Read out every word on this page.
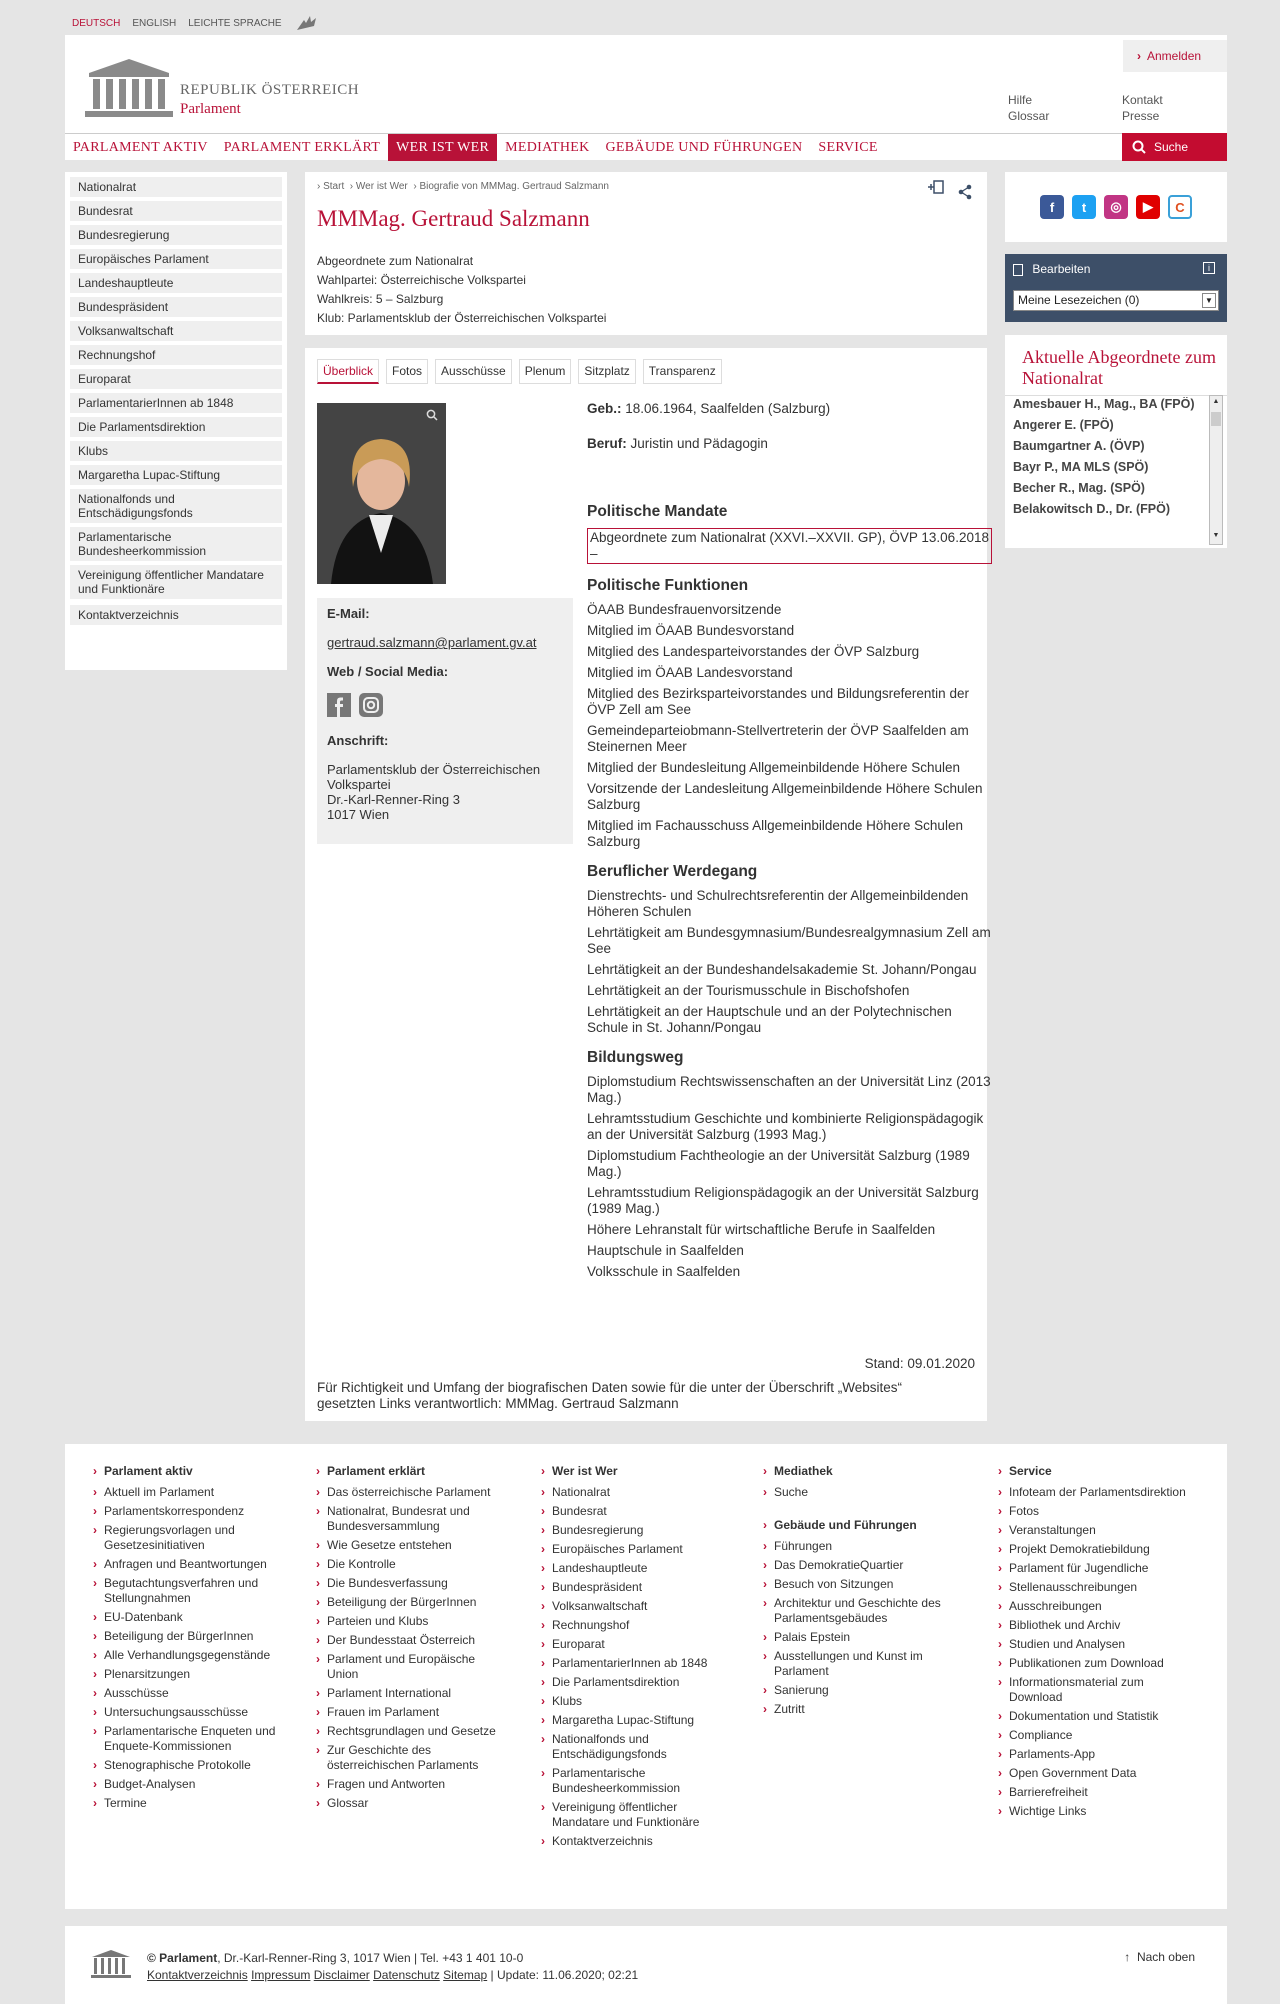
DEUTSCH ENGLISH LEICHTE SPRACHE
REPUBLIK ÖSTERREICH
Parlament
› Anmelden
Hilfe
Glossar
Kontakt
Presse
PARLAMENT AKTIV	PARLAMENT ERKLÄRT	WER IST WER	MEDIATHEK	GEBÄUDE UND FÜHRUNGEN	SERVICE	Suche
Nationalrat
Bundesrat
Bundesregierung
Europäisches Parlament
Landeshauptleute
Bundespräsident
Volksanwaltschaft
Rechnungshof
Europarat
ParlamentarierInnen ab 1848
Die Parlamentsdirektion
Klubs
Margaretha Lupac-Stiftung
Nationalfonds und Entschädigungsfonds
Parlamentarische Bundesheerkommission
Vereinigung öffentlicher Mandatare und Funktionäre
Kontaktverzeichnis
› Start  › Wer ist Wer  › Biografie von MMMag. Gertraud Salzmann
MMMag. Gertraud Salzmann
Abgeordnete zum Nationalrat
Wahlpartei: Österreichische Volkspartei
Wahlkreis: 5 – Salzburg
Klub: Parlamentsklub der Österreichischen Volkspartei
Überblick	Fotos	Ausschüsse	Plenum	Sitzplatz	Transparenz
E-Mail:
gertraud.salzmann@parlament.gv.at
Web / Social Media:
Anschrift:
Parlamentsklub der Österreichischen Volkspartei
Dr.-Karl-Renner-Ring 3
1017 Wien
Geb.: 18.06.1964, Saalfelden (Salzburg)
Beruf: Juristin und Pädagogin
Politische Mandate
Abgeordnete zum Nationalrat (XXVI.–XXVII. GP), ÖVP 13.06.2018 –
Politische Funktionen
ÖAAB Bundesfrauenvorsitzende
Mitglied im ÖAAB Bundesvorstand
Mitglied des Landesparteivorstandes der ÖVP Salzburg
Mitglied im ÖAAB Landesvorstand
Mitglied des Bezirksparteivorstandes und Bildungsreferentin der ÖVP Zell am See
Gemeindeparteiobmann-Stellvertreterin der ÖVP Saalfelden am Steinernen Meer
Mitglied der Bundesleitung Allgemeinbildende Höhere Schulen
Vorsitzende der Landesleitung Allgemeinbildende Höhere Schulen Salzburg
Mitglied im Fachausschuss Allgemeinbildende Höhere Schulen Salzburg
Beruflicher Werdegang
Dienstrechts- und Schulrechtsreferentin der Allgemeinbildenden Höheren Schulen
Lehrtätigkeit am Bundesgymnasium/Bundesrealgymnasium Zell am See
Lehrtätigkeit an der Bundeshandelsakademie St. Johann/Pongau
Lehrtätigkeit an der Tourismusschule in Bischofshofen
Lehrtätigkeit an der Hauptschule und an der Polytechnischen Schule in St. Johann/Pongau
Bildungsweg
Diplomstudium Rechtswissenschaften an der Universität Linz (2013 Mag.)
Lehramtsstudium Geschichte und kombinierte Religionspädagogik an der Universität Salzburg (1993 Mag.)
Diplomstudium Fachtheologie an der Universität Salzburg (1989 Mag.)
Lehramtsstudium Religionspädagogik an der Universität Salzburg (1989 Mag.)
Höhere Lehranstalt für wirtschaftliche Berufe in Saalfelden
Hauptschule in Saalfelden
Volksschule in Saalfelden
Stand: 09.01.2020
Für Richtigkeit und Umfang der biografischen Daten sowie für die unter der Überschrift „Websites“ gesetzten Links verantwortlich: MMMag. Gertraud Salzmann
f	t	◎	▶	C
Bearbeiten	i
Meine Lesezeichen (0)	▼
Aktuelle Abgeordnete zum Nationalrat
Amesbauer H., Mag., BA (FPÖ)
Angerer E. (FPÖ)
Baumgartner A. (ÖVP)
Bayr P., MA MLS (SPÖ)
Becher R., Mag. (SPÖ)
Belakowitsch D., Dr. (FPÖ)
▲
▼
› Parlament aktiv
› Aktuell im Parlament
› Parlamentskorrespondenz
› Regierungsvorlagen und Gesetzesinitiativen
› Anfragen und Beantwortungen
› Begutachtungsverfahren und Stellungnahmen
› EU-Datenbank
› Beteiligung der BürgerInnen
› Alle Verhandlungsgegenstände
› Plenarsitzungen
› Ausschüsse
› Untersuchungsausschüsse
› Parlamentarische Enqueten und Enquete-Kommissionen
› Stenographische Protokolle
› Budget-Analysen
› Termine
› Parlament erklärt
› Das österreichische Parlament
› Nationalrat, Bundesrat und Bundesversammlung
› Wie Gesetze entstehen
› Die Kontrolle
› Die Bundesverfassung
› Beteiligung der BürgerInnen
› Parteien und Klubs
› Der Bundesstaat Österreich
› Parlament und Europäische Union
› Parlament International
› Frauen im Parlament
› Rechtsgrundlagen und Gesetze
› Zur Geschichte des österreichischen Parlaments
› Fragen und Antworten
› Glossar
› Wer ist Wer
› Nationalrat
› Bundesrat
› Bundesregierung
› Europäisches Parlament
› Landeshauptleute
› Bundespräsident
› Volksanwaltschaft
› Rechnungshof
› Europarat
› ParlamentarierInnen ab 1848
› Die Parlamentsdirektion
› Klubs
› Margaretha Lupac-Stiftung
› Nationalfonds und Entschädigungsfonds
› Parlamentarische Bundesheerkommission
› Vereinigung öffentlicher Mandatare und Funktionäre
› Kontaktverzeichnis
› Mediathek
› Suche
› Gebäude und Führungen
› Führungen
› Das DemokratieQuartier
› Besuch von Sitzungen
› Architektur und Geschichte des Parlamentsgebäudes
› Palais Epstein
› Ausstellungen und Kunst im Parlament
› Sanierung
› Zutritt
› Service
› Infoteam der Parlamentsdirektion
› Fotos
› Veranstaltungen
› Projekt Demokratiebildung
› Parlament für Jugendliche
› Stellenausschreibungen
› Ausschreibungen
› Bibliothek und Archiv
› Studien und Analysen
› Publikationen zum Download
› Informationsmaterial zum Download
› Dokumentation und Statistik
› Compliance
› Parlaments-App
› Open Government Data
› Barrierefreiheit
› Wichtige Links
© Parlament, Dr.-Karl-Renner-Ring 3, 1017 Wien | Tel. +43 1 401 10-0
Kontaktverzeichnis Impressum Disclaimer Datenschutz Sitemap | Update: 11.06.2020; 02:21
↑ Nach oben
